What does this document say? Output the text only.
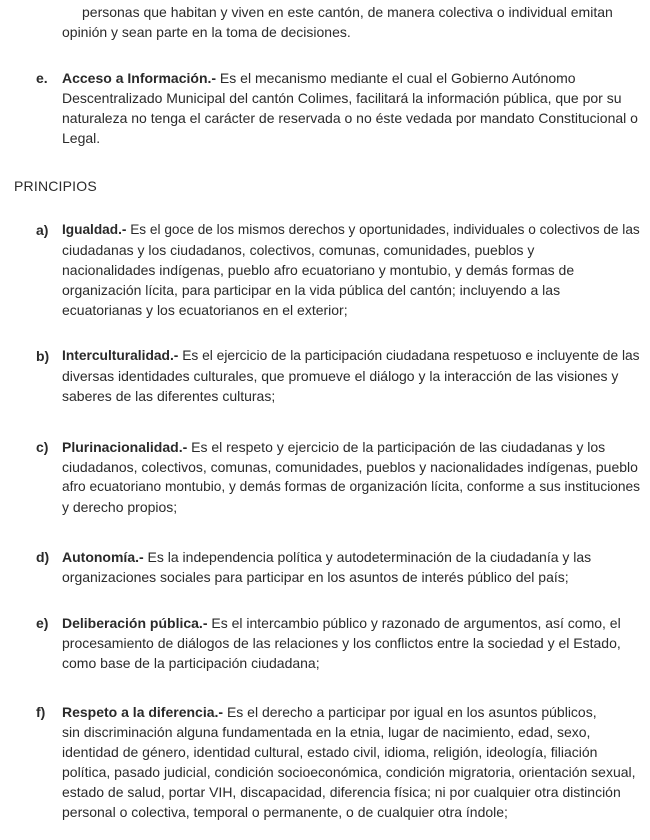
personas que habitan y viven en este cantón, de manera colectiva o individual emitan
opinión y sean parte en la toma de decisiones.
e. Acceso a Información.- Es el mecanismo mediante el cual el Gobierno Autónomo
Descentralizado Municipal del cantón Colimes, facilitará la información pública, que por su
naturaleza no tenga el carácter de reservada o no éste vedada por mandato Constitucional o
Legal.
PRINCIPIOS
a) Igualdad.- Es el goce de los mismos derechos y oportunidades, individuales o colectivos de las
ciudadanas y los ciudadanos, colectivos, comunas, comunidades, pueblos y
nacionalidades indígenas, pueblo afro ecuatoriano y montubio, y demás formas de
organización lícita, para participar en la vida pública del cantón; incluyendo a las
ecuatorianas y los ecuatorianos en el exterior;
b) Interculturalidad.- Es el ejercicio de la participación ciudadana respetuoso e incluyente de las
diversas identidades culturales, que promueve el diálogo y la interacción de las visiones y
saberes de las diferentes culturas;
c) Plurinacionalidad.- Es el respeto y ejercicio de la participación de las ciudadanas y los
ciudadanos, colectivos, comunas, comunidades, pueblos y nacionalidades indígenas, pueblo
afro ecuatoriano montubio, y demás formas de organización lícita, conforme a sus instituciones
y derecho propios;
d) Autonomía.- Es la independencia política y autodeterminación de la ciudadanía y las
organizaciones sociales para participar en los asuntos de interés público del país;
e) Deliberación pública.- Es el intercambio público y razonado de argumentos, así como, el
procesamiento de diálogos de las relaciones y los conflictos entre la sociedad y el Estado,
como base de la participación ciudadana;
f) Respeto a la diferencia.- Es el derecho a participar por igual en los asuntos públicos,
sin discriminación alguna fundamentada en la etnia, lugar de nacimiento, edad, sexo,
identidad de género, identidad cultural, estado civil, idioma, religión, ideología, filiación
política, pasado judicial, condición socioeconómica, condición migratoria, orientación sexual,
estado de salud, portar VIH, discapacidad, diferencia física; ni por cualquier otra distinción
personal o colectiva, temporal o permanente, o de cualquier otra índole;
